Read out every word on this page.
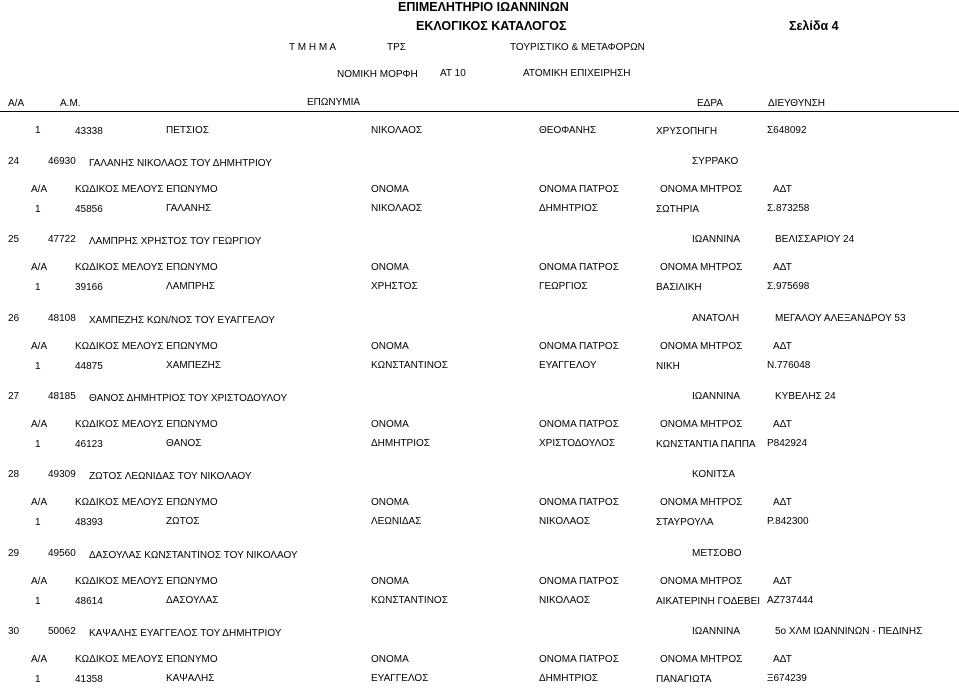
ΕΠΙΜΕΛΗΤΗΡΙΟ ΙΩΑΝΝΙΝΩΝ
ΕΚΛΟΓΙΚΟΣ ΚΑΤΑΛΟΓΟΣ	Σελίδα 4
Τ Μ Η Μ Α	ΤΡΣ	ΤΟΥΡΙΣΤΙΚΟ & ΜΕΤΑΦΟΡΩΝ
ΝΟΜΙΚΗ ΜΟΡΦΗ ΑΤ 10	ΑΤΟΜΙΚΗ ΕΠΙΧΕΙΡΗΣΗ
Α/Α	Α.Μ.	ΕΠΩΝΥΜΙΑ	ΕΔΡΑ	ΔΙΕΥΘΥΝΣΗ
1	43338	ΠΕΤΣΙΟΣ	ΝΙΚΟΛΑΟΣ	ΘΕΟΦΑΝΗΣ	ΧΡΥΣΟΠΗΓΗ	Σ648092
24	46930 ΓΑΛΑΝΗΣ ΝΙΚΟΛΑΟΣ ΤΟΥ ΔΗΜΗΤΡΙΟΥ	ΣΥΡΡΑΚΟ
Α/Α	ΚΩΔΙΚΟΣ ΜΕΛΟΥΣ ΕΠΩΝΥΜΟ	ΟΝΟΜΑ	ΟΝΟΜΑ ΠΑΤΡΟΣ	ΟΝΟΜΑ ΜΗΤΡΟΣ	ΑΔΤ
1	45856	ΓΑΛΑΝΗΣ	ΝΙΚΟΛΑΟΣ	ΔΗΜΗΤΡΙΟΣ	ΣΩΤΗΡΙΑ	Σ.873258
25	47722 ΛΑΜΠΡΗΣ ΧΡΗΣΤΟΣ ΤΟΥ ΓΕΩΡΓΙΟΥ	ΙΩΑΝΝΙΝΑ	ΒΕΛΙΣΣΑΡΙΟΥ 24
Α/Α	ΚΩΔΙΚΟΣ ΜΕΛΟΥΣ ΕΠΩΝΥΜΟ	ΟΝΟΜΑ	ΟΝΟΜΑ ΠΑΤΡΟΣ	ΟΝΟΜΑ ΜΗΤΡΟΣ	ΑΔΤ
1	39166	ΛΑΜΠΡΗΣ	ΧΡΗΣΤΟΣ	ΓΕΩΡΓΙΟΣ	ΒΑΣΙΛΙΚΗ	Σ.975698
26	48108 ΧΑΜΠΕΖΗΣ ΚΩΝ/ΝΟΣ ΤΟΥ ΕΥΑΓΓΕΛΟΥ	ΑΝΑΤΟΛΗ	ΜΕΓΑΛΟΥ ΑΛΕΞΑΝΔΡΟΥ 53
Α/Α	ΚΩΔΙΚΟΣ ΜΕΛΟΥΣ ΕΠΩΝΥΜΟ	ΟΝΟΜΑ	ΟΝΟΜΑ ΠΑΤΡΟΣ	ΟΝΟΜΑ ΜΗΤΡΟΣ	ΑΔΤ
1	44875	ΧΑΜΠΕΖΗΣ	ΚΩΝΣΤΑΝΤΙΝΟΣ	ΕΥΑΓΓΕΛΟΥ	ΝΙΚΗ	Ν.776048
27	48185 ΘΑΝΟΣ ΔΗΜΗΤΡΙΟΣ ΤΟΥ ΧΡΙΣΤΟΔΟΥΛΟΥ	ΙΩΑΝΝΙΝΑ	ΚΥΒΕΛΗΣ 24
Α/Α	ΚΩΔΙΚΟΣ ΜΕΛΟΥΣ ΕΠΩΝΥΜΟ	ΟΝΟΜΑ	ΟΝΟΜΑ ΠΑΤΡΟΣ	ΟΝΟΜΑ ΜΗΤΡΟΣ	ΑΔΤ
1	46123	ΘΑΝΟΣ	ΔΗΜΗΤΡΙΟΣ	ΧΡΙΣΤΟΔΟΥΛΟΣ	ΚΩΝΣΤΑΝΤΙΑ ΠΑΠΠΑ Ρ842924
28	49309 ΖΩΤΟΣ ΛΕΩΝΙΔΑΣ ΤΟΥ ΝΙΚΟΛΑΟΥ	ΚΟΝΙΤΣΑ
Α/Α	ΚΩΔΙΚΟΣ ΜΕΛΟΥΣ ΕΠΩΝΥΜΟ	ΟΝΟΜΑ	ΟΝΟΜΑ ΠΑΤΡΟΣ	ΟΝΟΜΑ ΜΗΤΡΟΣ	ΑΔΤ
1	48393	ΖΩΤΟΣ	ΛΕΩΝΙΔΑΣ	ΝΙΚΟΛΑΟΣ	ΣΤΑΥΡΟΥΛΑ	Ρ.842300
29	49560 ΔΑΣΟΥΛΑΣ ΚΩΝΣΤΑΝΤΙΝΟΣ ΤΟΥ ΝΙΚΟΛΑΟΥ	ΜΕΤΣΟΒΟ
Α/Α	ΚΩΔΙΚΟΣ ΜΕΛΟΥΣ ΕΠΩΝΥΜΟ	ΟΝΟΜΑ	ΟΝΟΜΑ ΠΑΤΡΟΣ	ΟΝΟΜΑ ΜΗΤΡΟΣ	ΑΔΤ
1	48614	ΔΑΣΟΥΛΑΣ	ΚΩΝΣΤΑΝΤΙΝΟΣ	ΝΙΚΟΛΑΟΣ	ΑΙΚΑΤΕΡΙΝΗ ΓΟΔΕΒΕΙ ΑΖ737444
30	50062 ΚΑΨΑΛΗΣ ΕΥΑΓΓΕΛΟΣ ΤΟΥ ΔΗΜΗΤΡΙΟΥ	ΙΩΑΝΝΙΝΑ	5ο ΧΛΜ ΙΩΑΝΝΙΝΩΝ - ΠΕΔΙΝΗΣ
Α/Α	ΚΩΔΙΚΟΣ ΜΕΛΟΥΣ ΕΠΩΝΥΜΟ	ΟΝΟΜΑ	ΟΝΟΜΑ ΠΑΤΡΟΣ	ΟΝΟΜΑ ΜΗΤΡΟΣ	ΑΔΤ
1	41358	ΚΑΨΑΛΗΣ	ΕΥΑΓΓΕΛΟΣ	ΔΗΜΗΤΡΙΟΣ	ΠΑΝΑΓΙΩΤΑ	Ξ674239
